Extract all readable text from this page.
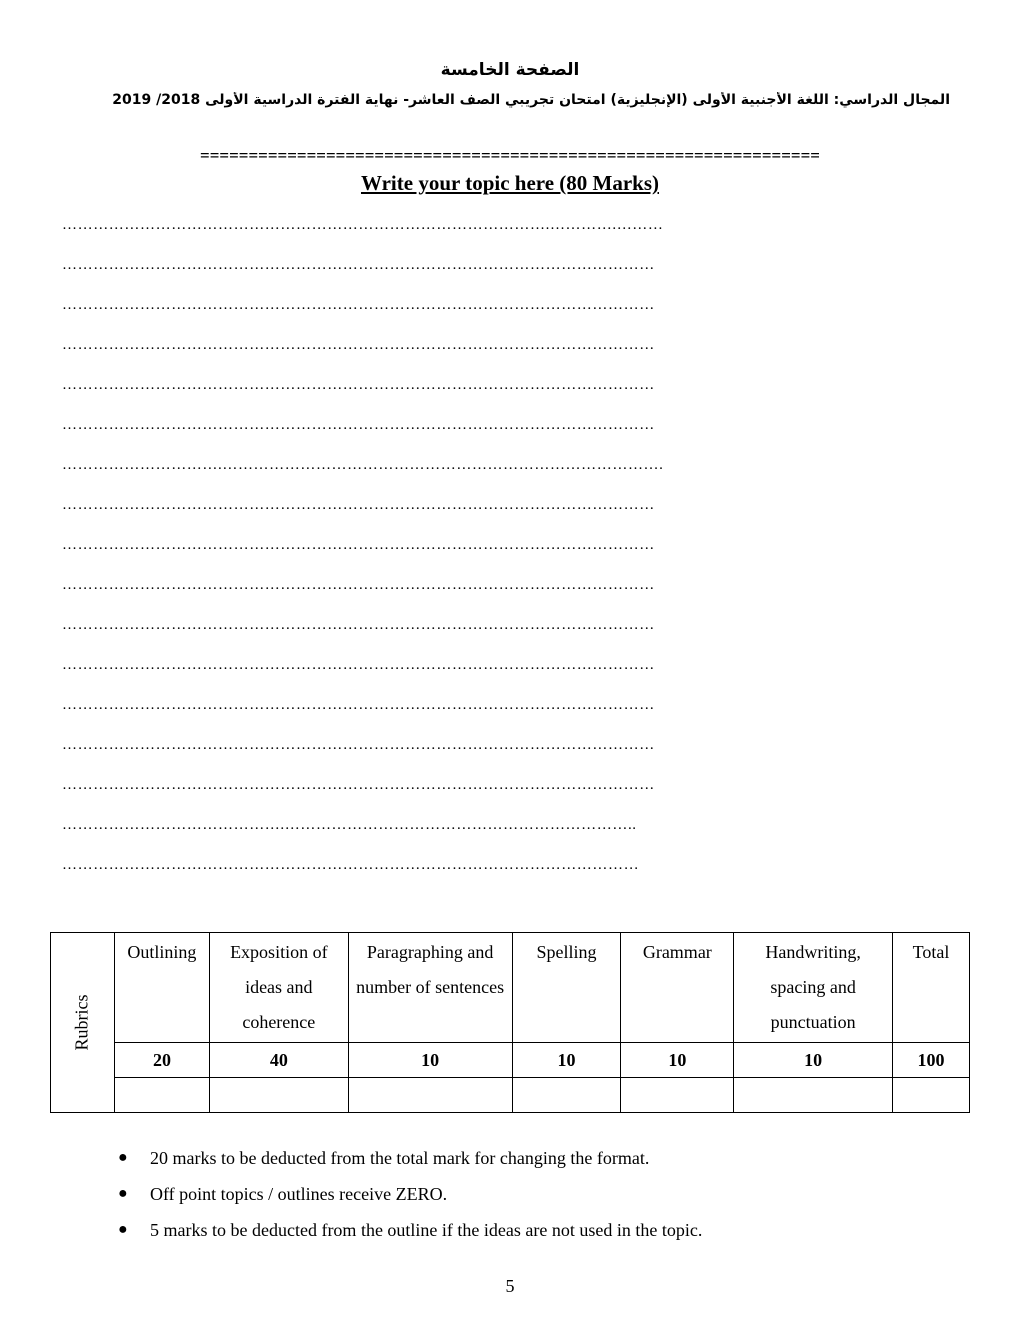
الصفحة الخامسة
المجال الدراسي: اللغة الأجنبية الأولى (الإنجليزية) امتحان تجريبي الصف العاشر- نهاية الفترة الدراسية الأولى 2018/ 2019
================================================================
Write your topic here (80 Marks)
………………………………………………………………………………….………….………
……………………………………………………………………………………………………
……………………………………………………………………………………………………
……………………………………………………………………………………………………
……………………………………………………………………………………………………
……………………………………………………………………………………………………
………………………….………………………………………………………………………….
……………………………………………………………………………………………………
……………………………………………………………………………………………………
……………………………………………………………………………………………………
……………………………………………………………………………………………………
……………………………………………………………………………………………………
……………………………………………………………………………………………………
……………………………………………………………………………………………………
……………………………………………………………………………………………………
…………………………………….…………………………………………………………..
…………………………………………………………………………………………………
Rubrics	Outlining	Exposition of ideas and coherence	Paragraphing and number of sentences	Spelling	Grammar	Handwriting, spacing and punctuation	Total
	20	40	10	10	10	10	100

● 20 marks to be deducted from the total mark for changing the format.
● Off point topics / outlines receive ZERO.
● 5 marks to be deducted from the outline if the ideas are not used in the topic.
5
